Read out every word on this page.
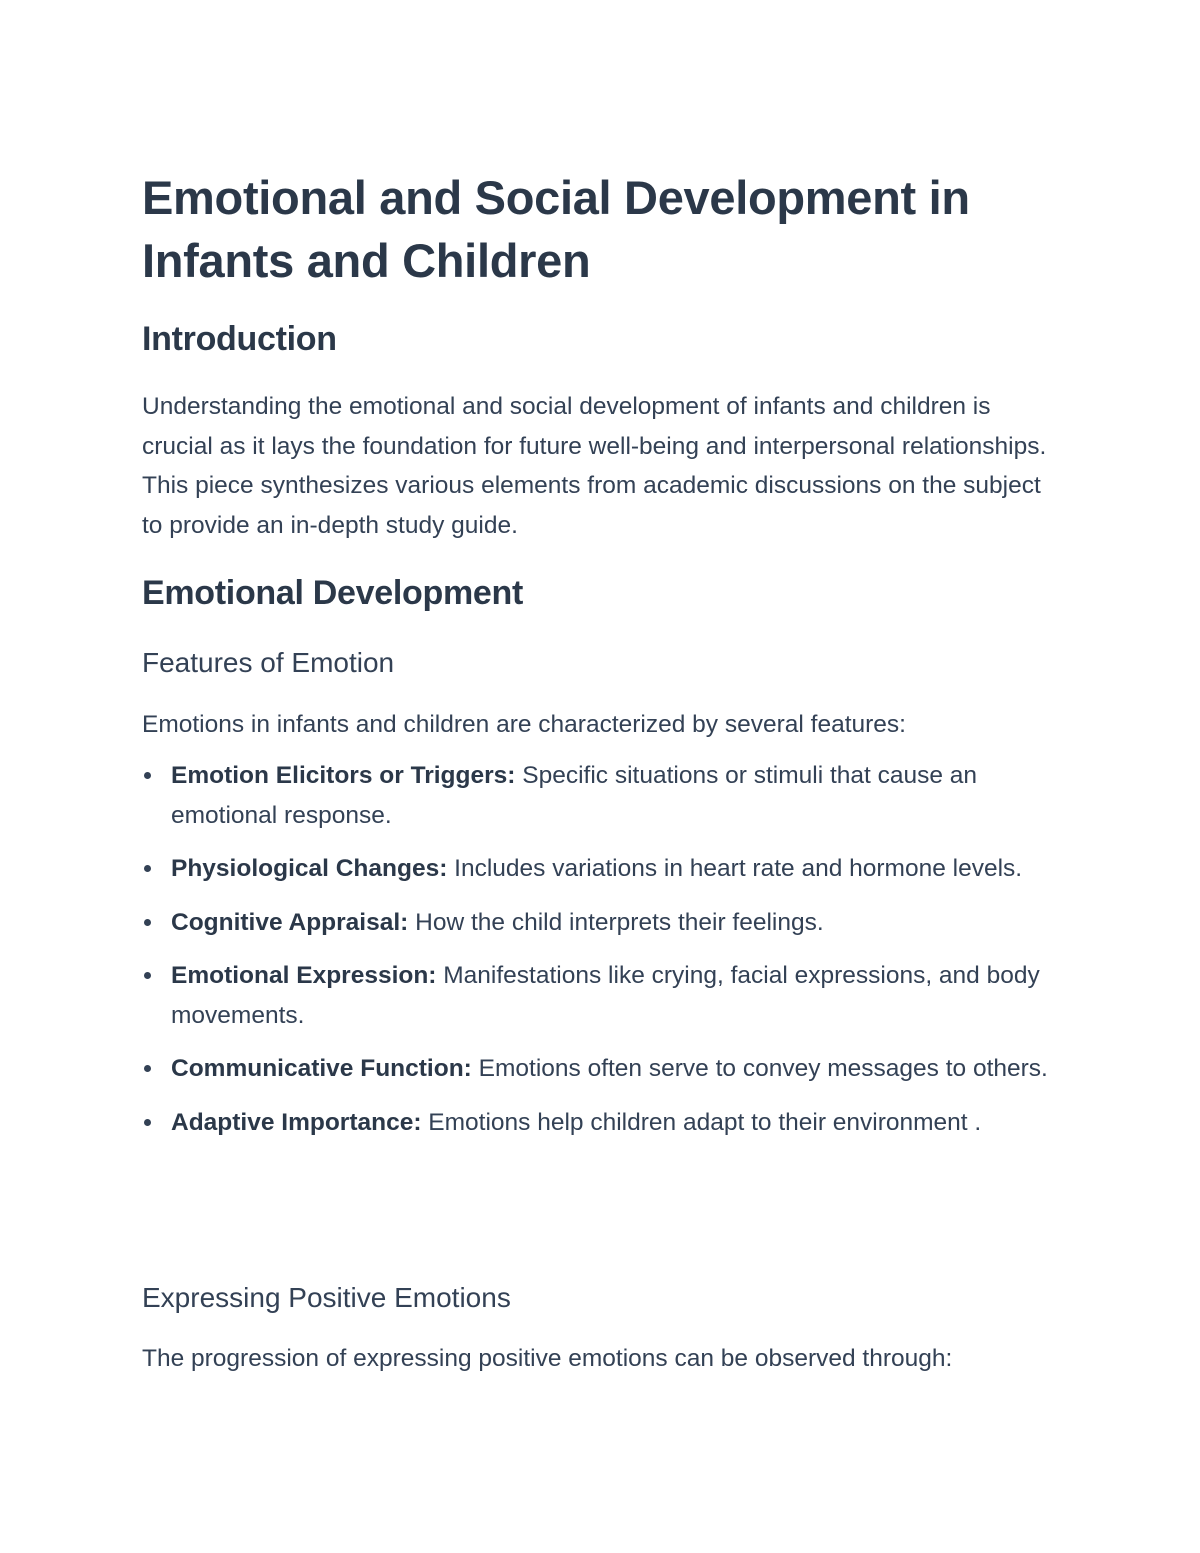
Emotional and Social Development in Infants and Children
Introduction

Understanding the emotional and social development of infants and children is crucial as it lays the foundation for future well-being and interpersonal relationships. This piece synthesizes various elements from academic discussions on the subject to provide an in-depth study guide.

Emotional Development
Features of Emotion

Emotions in infants and children are characterized by several features:

Emotion Elicitors or Triggers: Specific situations or stimuli that cause an emotional response.
Physiological Changes: Includes variations in heart rate and hormone levels.
Cognitive Appraisal: How the child interprets their feelings.
Emotional Expression: Manifestations like crying, facial expressions, and body movements.
Communicative Function: Emotions often serve to convey messages to others.
Adaptive Importance: Emotions help children adapt to their environment .
Expressing Positive Emotions

The progression of expressing positive emotions can be observed through:
